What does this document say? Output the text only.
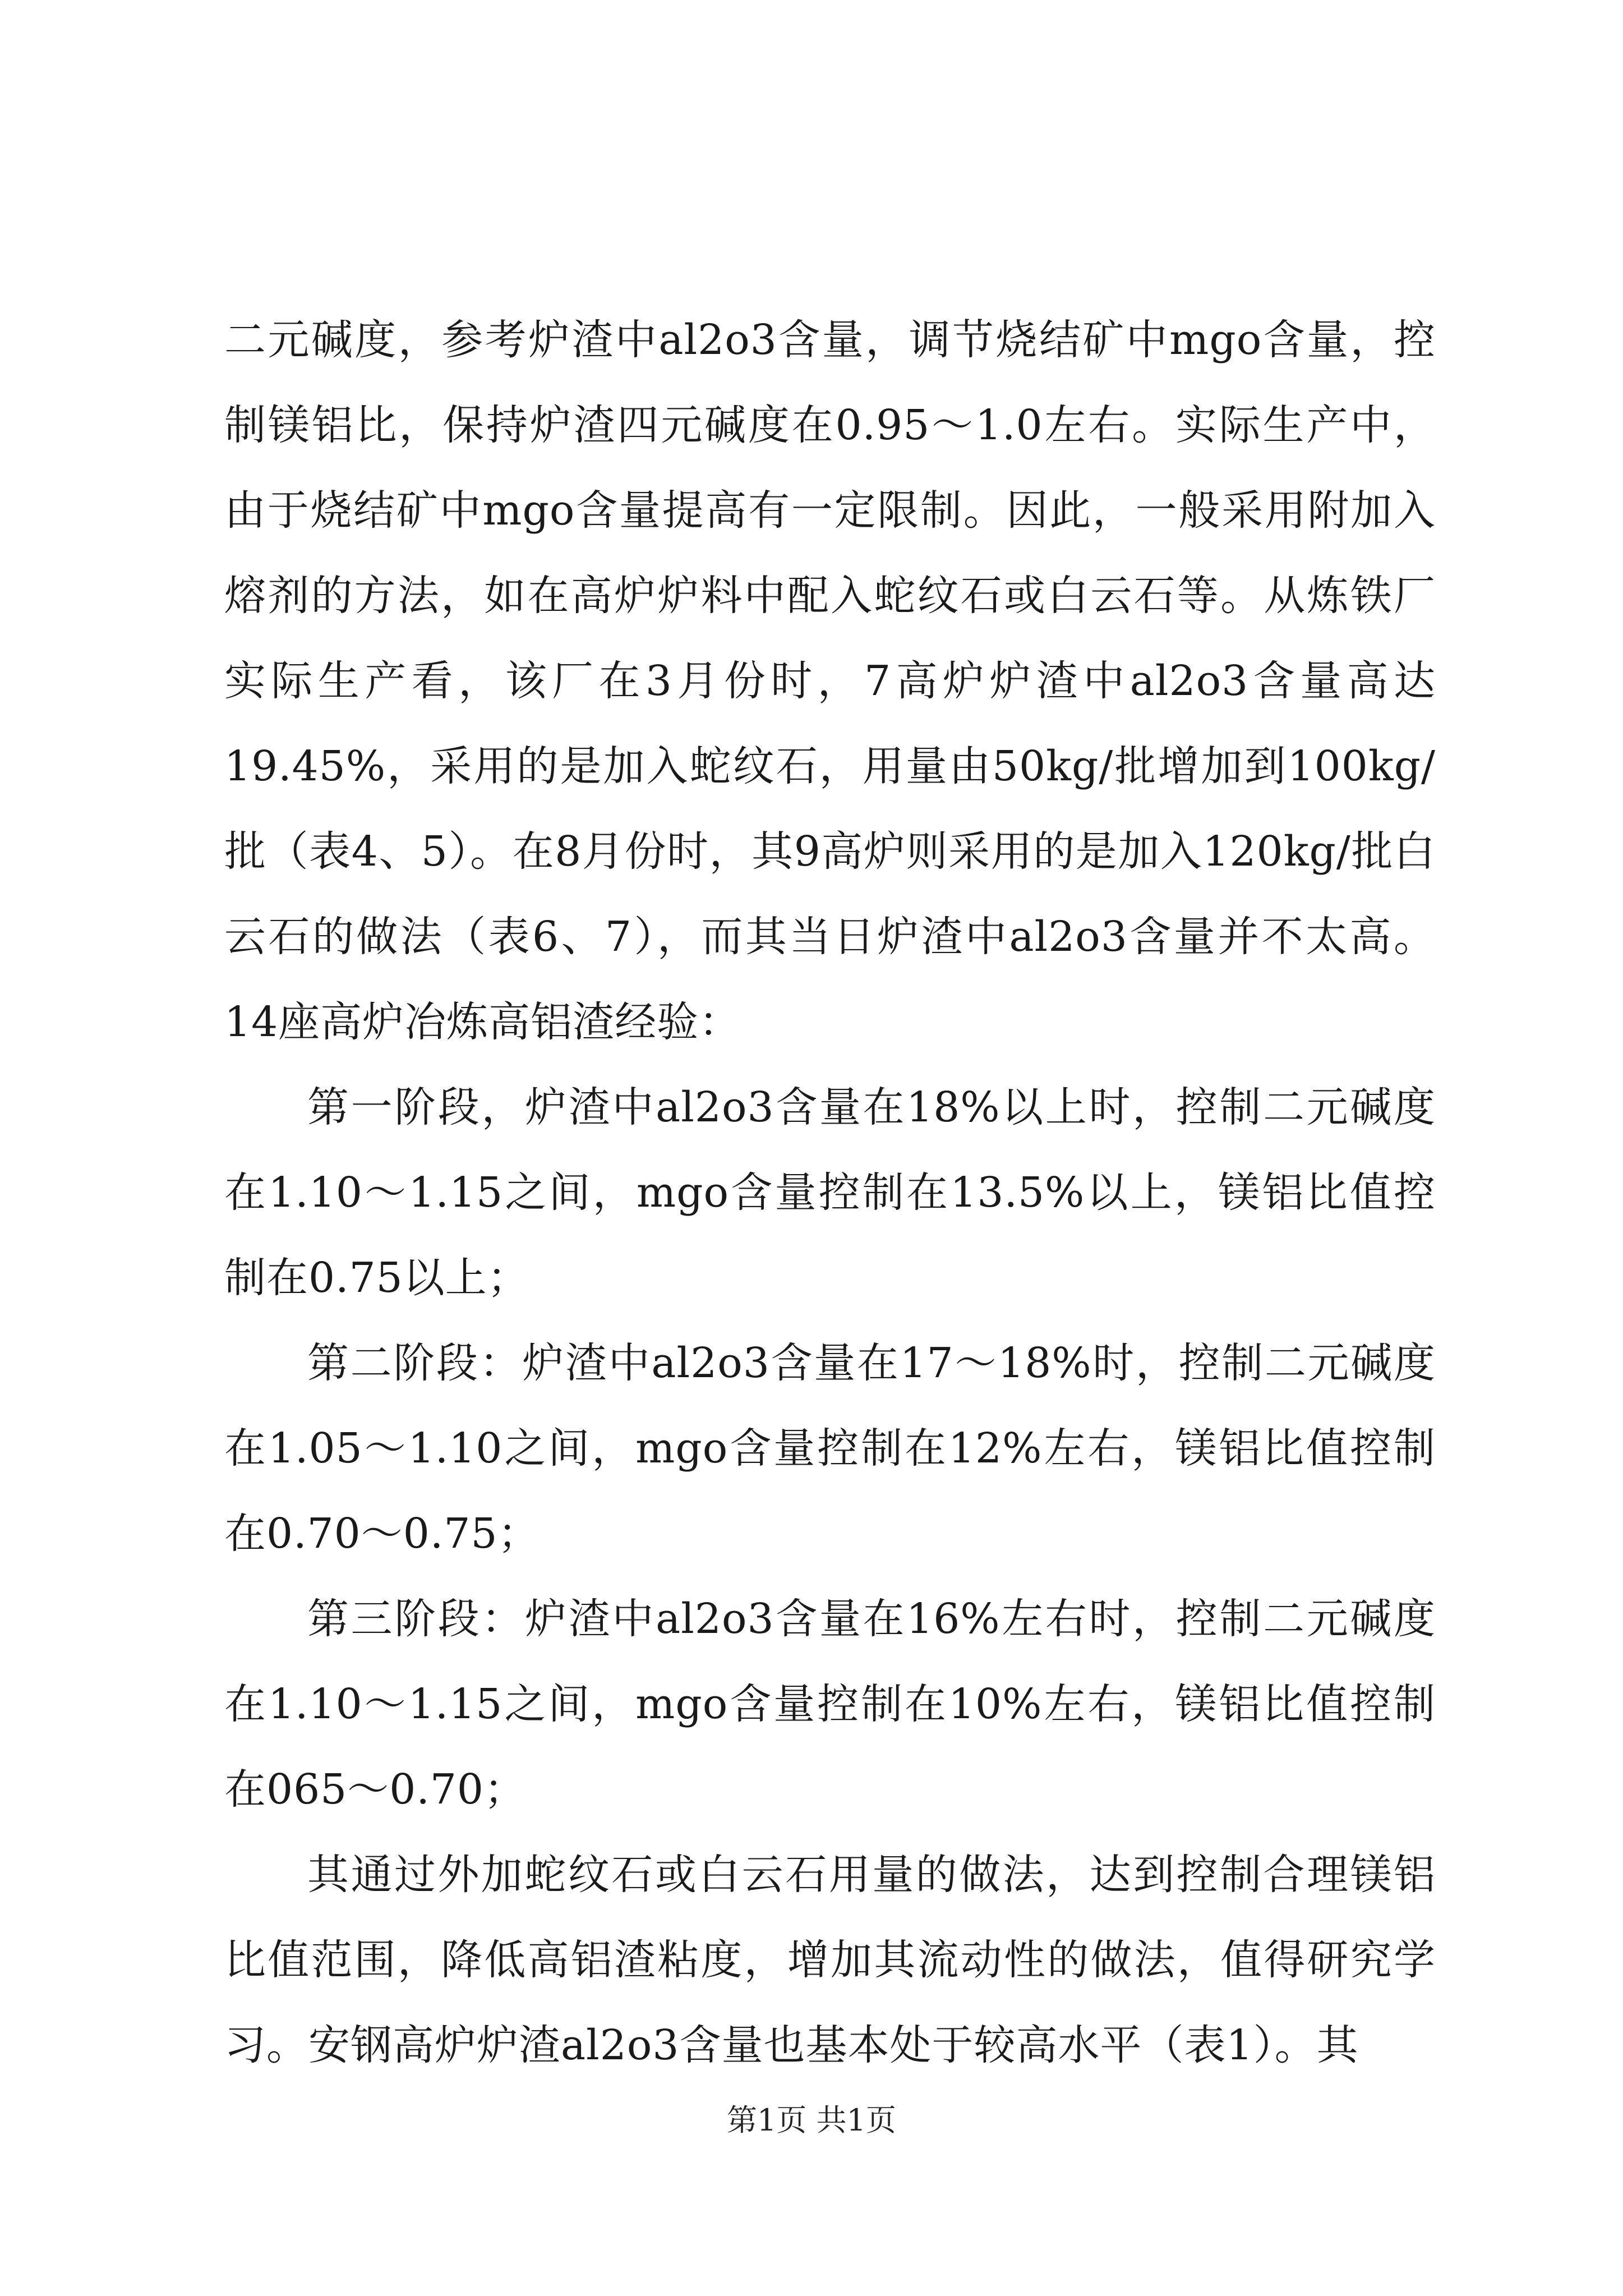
二元碱度，参考炉渣中al2o3含量，调节烧结矿中mgo含量，控制镁铝比，保持炉渣四元碱度在0.95～1.0左右。实际生产中，由于烧结矿中mgo含量提高有一定限制。因此，一般采用附加入熔剂的方法，如在高炉炉料中配入蛇纹石或白云石等。从炼铁厂实际生产看，该厂在3月份时，7高炉炉渣中al2o3含量高达19.45%，采用的是加入蛇纹石，用量由50kg/批增加到100kg/批（表4、5）。在8月份时，其9高炉则采用的是加入120kg/批白云石的做法（表6、7），而其当日炉渣中al2o3含量并不太高。14座高炉冶炼高铝渣经验：

第一阶段，炉渣中al2o3含量在18%以上时，控制二元碱度在1.10～1.15之间，mgo含量控制在13.5%以上，镁铝比值控制在0.75以上；

第二阶段：炉渣中al2o3含量在17～18%时，控制二元碱度在1.05～1.10之间，mgo含量控制在12%左右，镁铝比值控制在0.70～0.75；

第三阶段：炉渣中al2o3含量在16%左右时，控制二元碱度在1.10～1.15之间，mgo含量控制在10%左右，镁铝比值控制在065～0.70；

其通过外加蛇纹石或白云石用量的做法，达到控制合理镁铝比值范围，降低高铝渣粘度，增加其流动性的做法，值得研究学习。安钢高炉炉渣al2o3含量也基本处于较高水平（表1）。其

第1页 共1页
